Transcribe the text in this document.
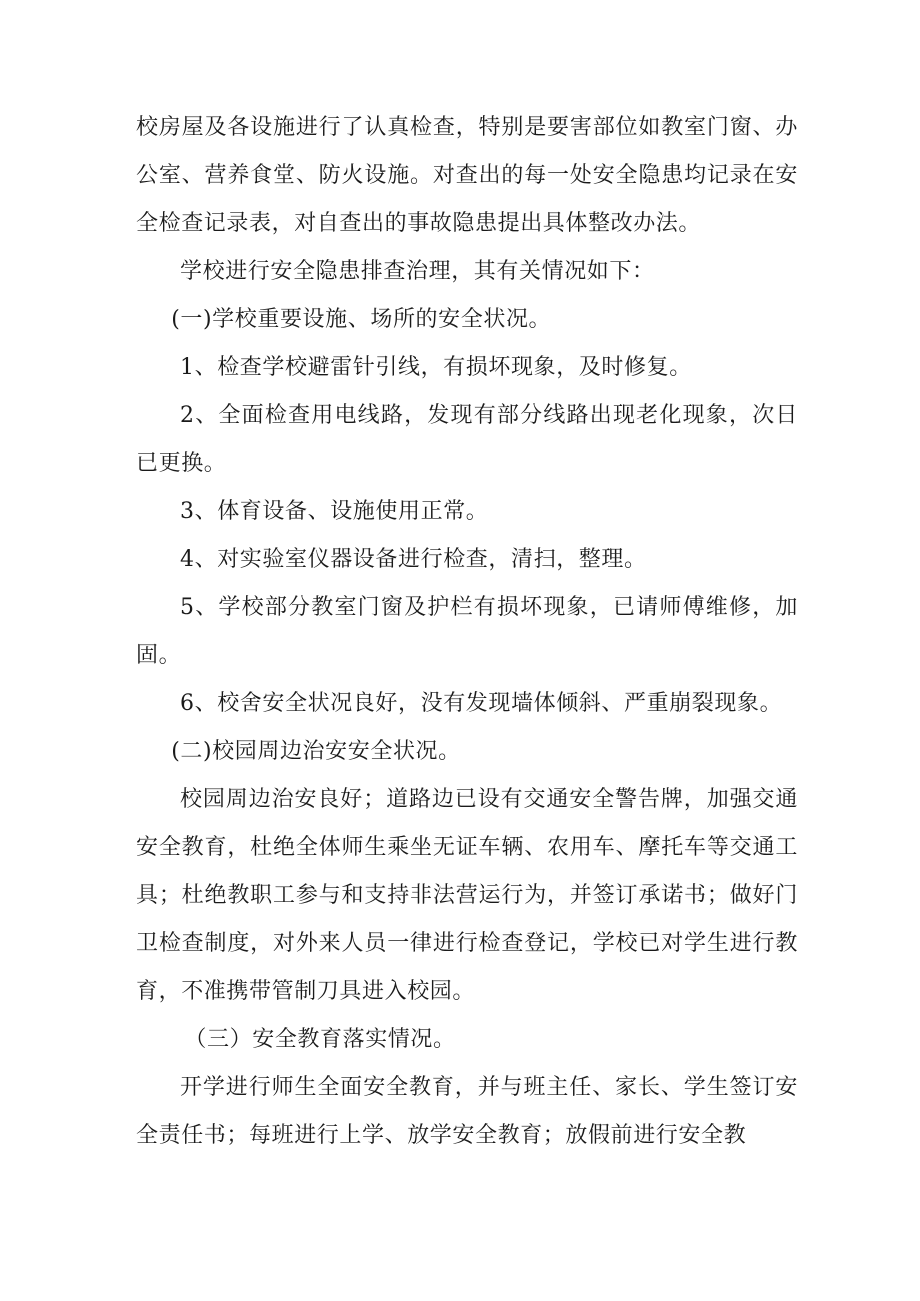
校房屋及各设施进行了认真检查，特别是要害部位如教室门窗、办公室、营养食堂、防火设施。对查出的每一处安全隐患均记录在安全检查记录表，对自查出的事故隐患提出具体整改办法。

学校进行安全隐患排查治理，其有关情况如下：

(一)学校重要设施、场所的安全状况。

1、检查学校避雷针引线，有损坏现象，及时修复。

2、全面检查用电线路，发现有部分线路出现老化现象，次日已更换。

3、体育设备、设施使用正常。

4、对实验室仪器设备进行检查，清扫，整理。

5、学校部分教室门窗及护栏有损坏现象，已请师傅维修，加固。

6、校舍安全状况良好，没有发现墙体倾斜、严重崩裂现象。

(二)校园周边治安安全状况。

校园周边治安良好；道路边已设有交通安全警告牌，加强交通安全教育，杜绝全体师生乘坐无证车辆、农用车、摩托车等交通工具；杜绝教职工参与和支持非法营运行为，并签订承诺书；做好门卫检查制度，对外来人员一律进行检查登记，学校已对学生进行教育，不准携带管制刀具进入校园。

（三）安全教育落实情况。

开学进行师生全面安全教育，并与班主任、家长、学生签订安全责任书；每班进行上学、放学安全教育；放假前进行安全教
